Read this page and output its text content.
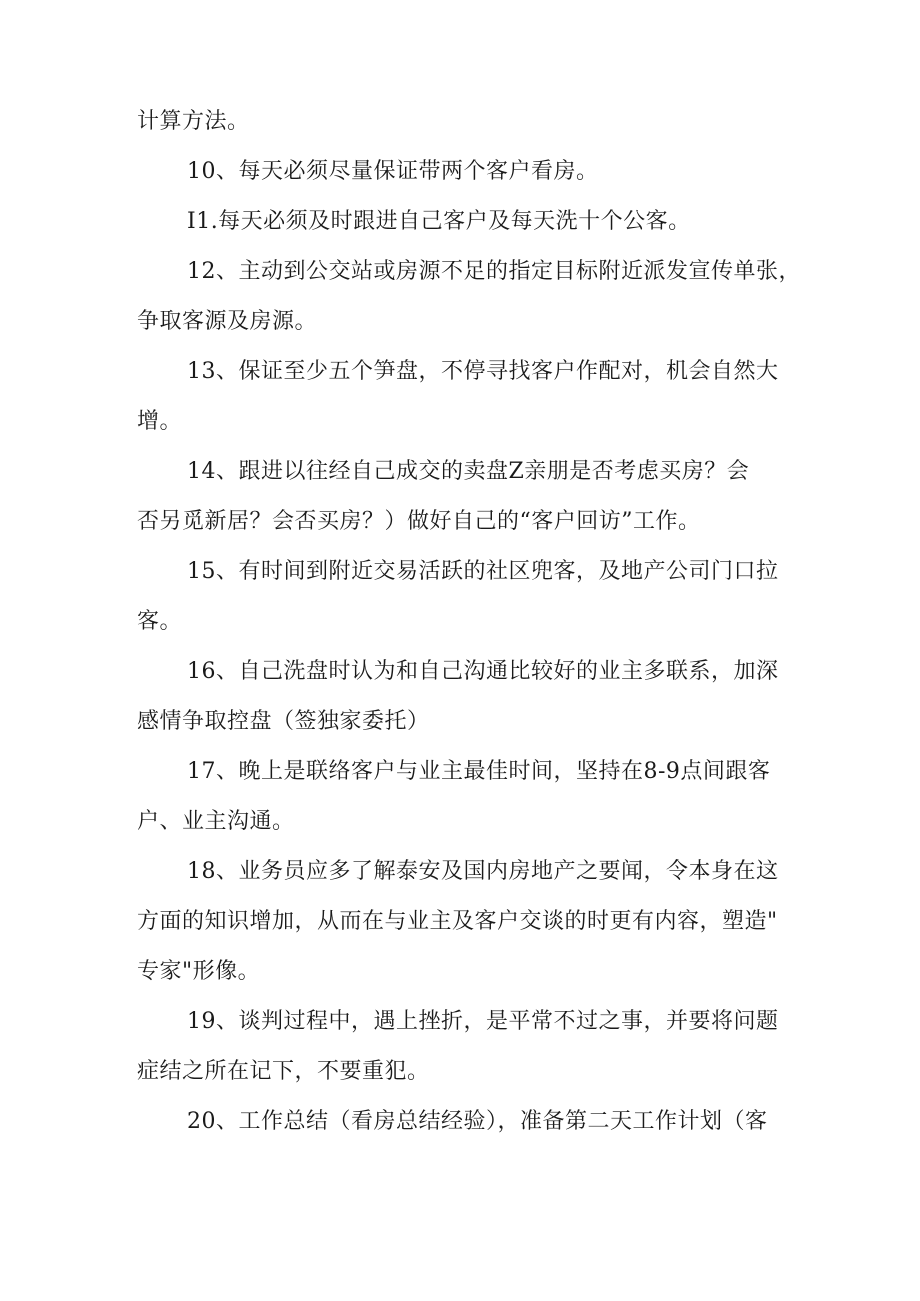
计算方法。
10、每天必须尽量保证带两个客户看房。
I1.每天必须及时跟进自己客户及每天洗十个公客。
12、主动到公交站或房源不足的指定目标附近派发宣传单张，
争取客源及房源。
13、保证至少五个笋盘，不停寻找客户作配对，机会自然大
增。
14、跟进以往经自己成交的卖盘Z亲朋是否考虑买房？会
否另觅新居？会否买房？）做好自己的“客户回访”工作。
15、有时间到附近交易活跃的社区兜客，及地产公司门口拉
客。
16、自己洗盘时认为和自己沟通比较好的业主多联系，加深
感情争取控盘（签独家委托）
17、晚上是联络客户与业主最佳时间，坚持在8-9点间跟客
户、业主沟通。
18、业务员应多了解泰安及国内房地产之要闻，令本身在这
方面的知识增加，从而在与业主及客户交谈的时更有内容，塑造"
专家"形像。
19、谈判过程中，遇上挫折，是平常不过之事，并要将问题
症结之所在记下，不要重犯。
20、工作总结（看房总结经验），准备第二天工作计划（客
